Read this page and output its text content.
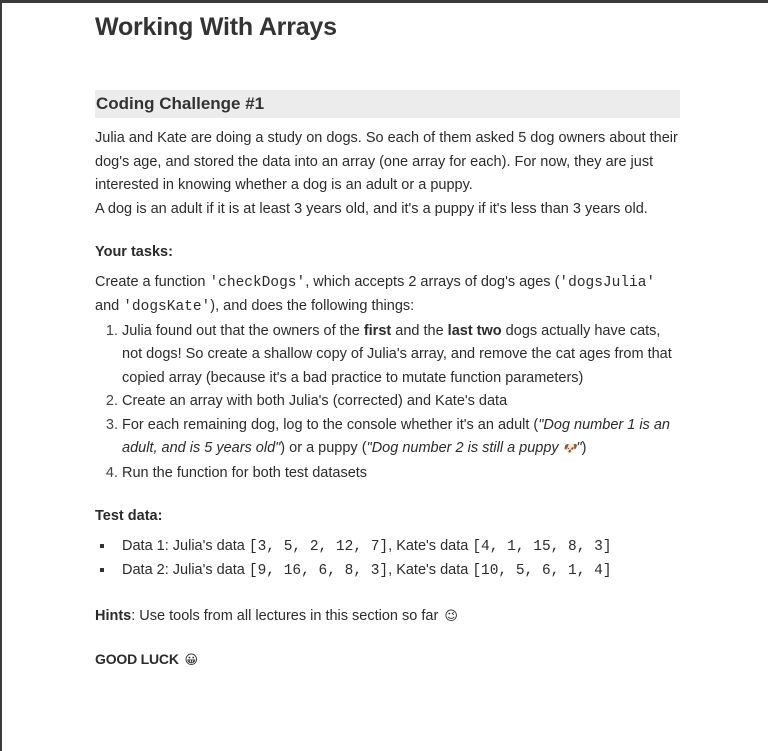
Working With Arrays
Coding Challenge #1

Julia and Kate are doing a study on dogs. So each of them asked 5 dog owners about their dog's age, and stored the data into an array (one array for each). For now, they are just interested in knowing whether a dog is an adult or a puppy.

A dog is an adult if it is at least 3 years old, and it's a puppy if it's less than 3 years old.

Your tasks:

Create a function 'checkDogs', which accepts 2 arrays of dog's ages ('dogsJulia' and 'dogsKate'), and does the following things:

1. Julia found out that the owners of the first and the last two dogs actually have cats, not dogs! So create a shallow copy of Julia's array, and remove the cat ages from that copied array (because it's a bad practice to mutate function parameters)
2. Create an array with both Julia's (corrected) and Kate's data
3. For each remaining dog, log to the console whether it's an adult ("Dog number 1 is an adult, and is 5 years old") or a puppy ("Dog number 2 is still a puppy 🐶")
4. Run the function for both test datasets
Test data:
Data 1: Julia's data [3, 5, 2, 12, 7], Kate's data [4, 1, 15, 8, 3]
Data 2: Julia's data [9, 16, 6, 8, 3], Kate's data [10, 5, 6, 1, 4]

Hints: Use tools from all lectures in this section so far 😉

GOOD LUCK 😀
